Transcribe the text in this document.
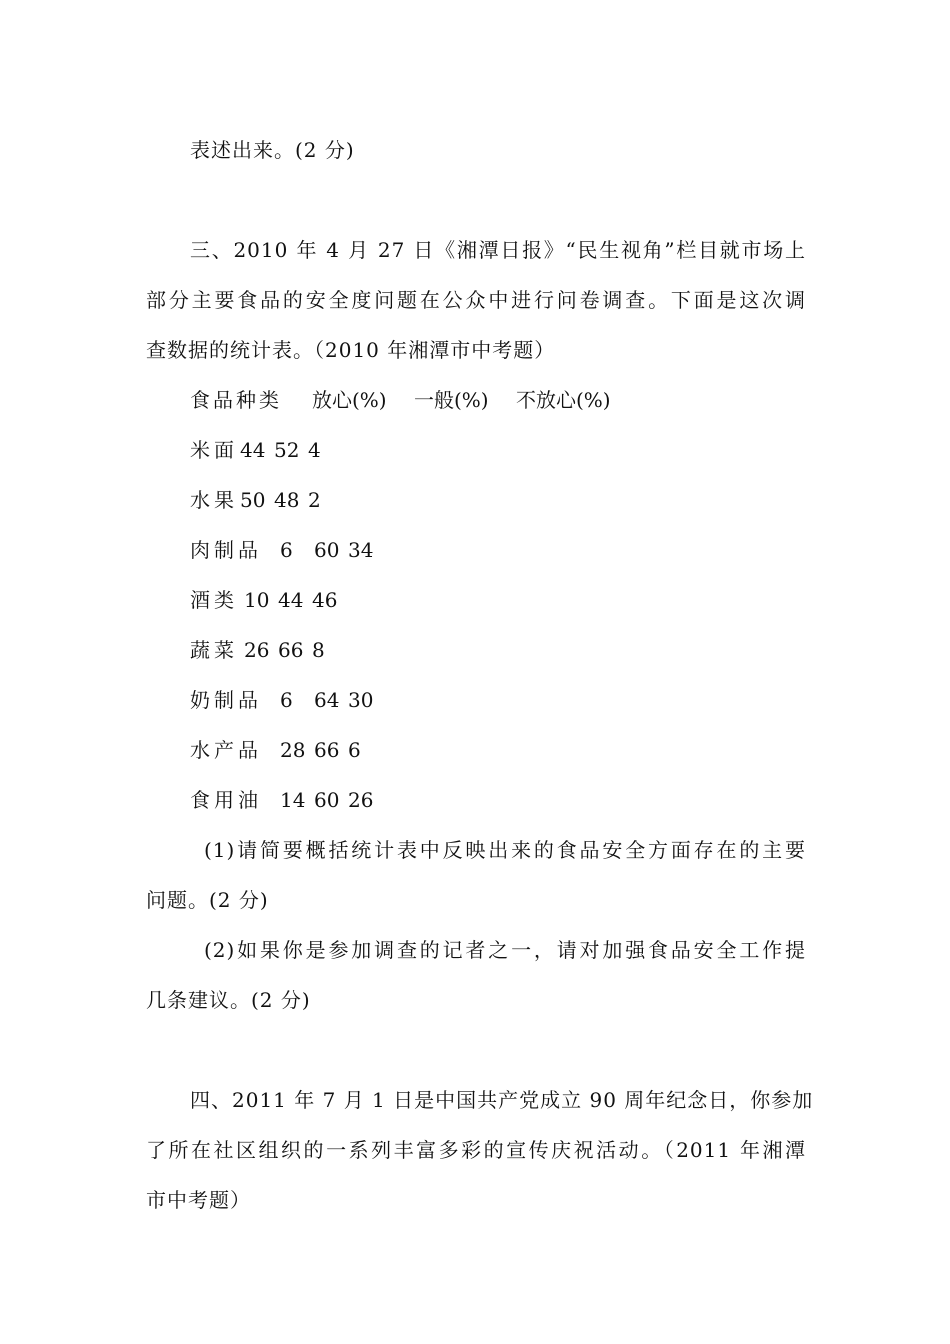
表述出来。(2 分)
三、2010 年 4 月 27 日《湘潭日报》“民生视角”栏目就市场上
部分主要食品的安全度问题在公众中进行问卷调查。下面是这次调
查数据的统计表。（2010 年湘潭市中考题）
食品种类	放心(%)	一般(%)	不放心(%)
米面 44 52 4
水果 50 48 2
肉制品 6	60 34
酒类 10 44 46
蔬菜 26 66 8
奶制品 6	64 30
水产品 28 66 6
食用油 14 60 26
(1)请简要概括统计表中反映出来的食品安全方面存在的主要
问题。(2 分)
(2)如果你是参加调查的记者之一，请对加强食品安全工作提
几条建议。(2 分)
四、2011 年 7 月 1 日是中国共产党成立 90 周年纪念日，你参加
了所在社区组织的一系列丰富多彩的宣传庆祝活动。（2011 年湘潭
市中考题）
